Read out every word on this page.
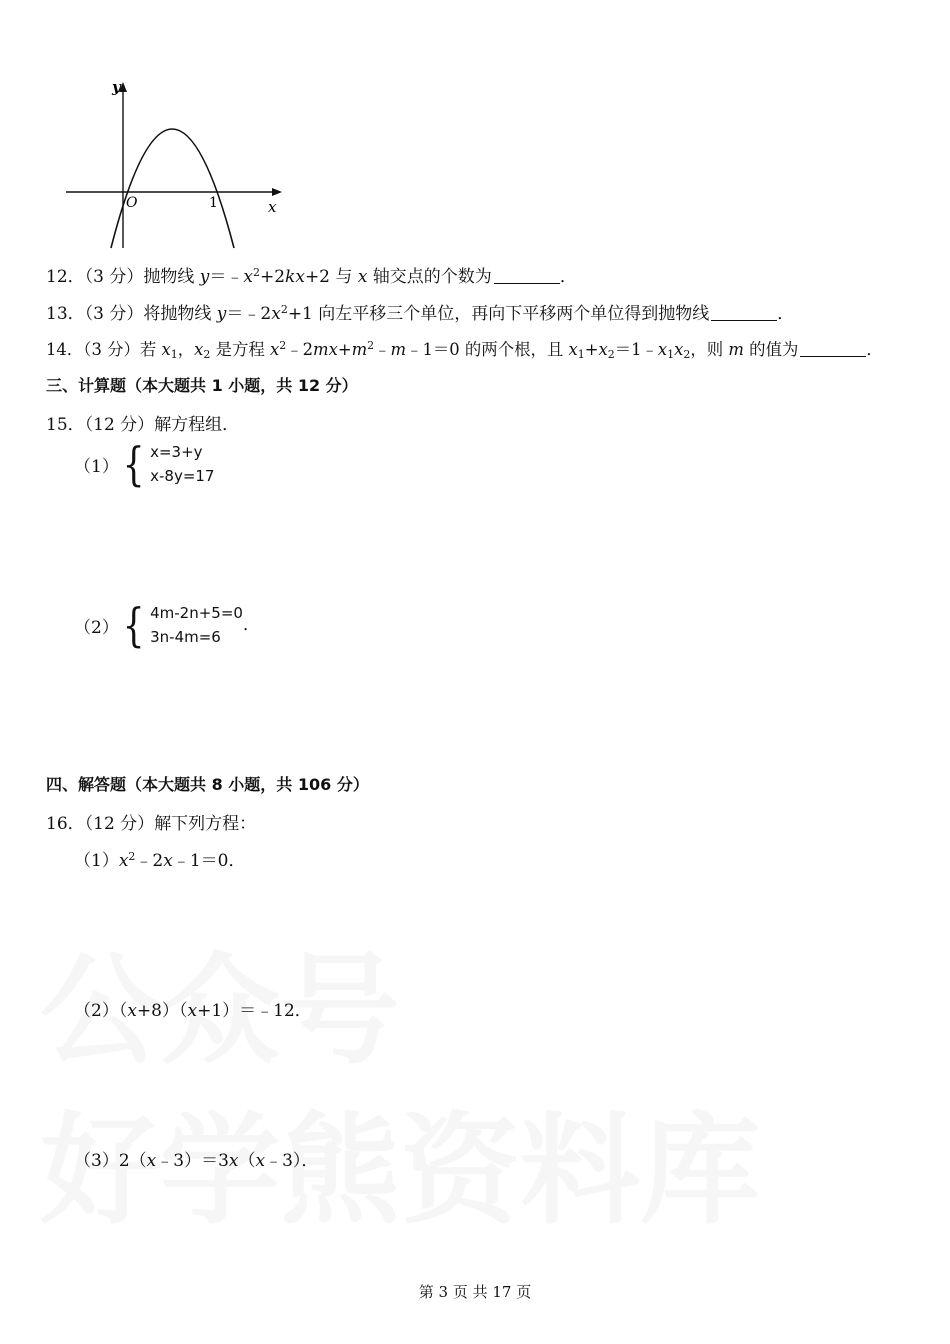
y
x
O	1
12．（3 分）抛物线 $y=﹣x^2+2kx+2$ 与 x 轴交点的个数为	．
13．（3 分）将抛物线 $y=﹣2x^2+1$ 向左平移三个单位，再向下平移两个单位得到抛物线	．
14．（3 分）若 $x_1$，$x_2$ 是方程 $x^2﹣2mx+m^2﹣m﹣1=0$ 的两个根，且 $x_1+x_2=1﹣x_1x_2$，则 m 的值为	．
三、计算题（本大题共 1 小题，共 12 分）
15．（12 分）解方程组．
（1） { x=3+y
x-8y=17
（2） { 4m-2n+5=0
3n-4m=6
．
四、解答题（本大题共 8 小题，共 106 分）
16．（12 分）解下列方程：
$(1)x^2﹣2x﹣1=0$．
（2）（x+8）（x+1）＝﹣12．
（3）2（x﹣3）＝3x（x﹣3）．
第 3 页 共 17 页
